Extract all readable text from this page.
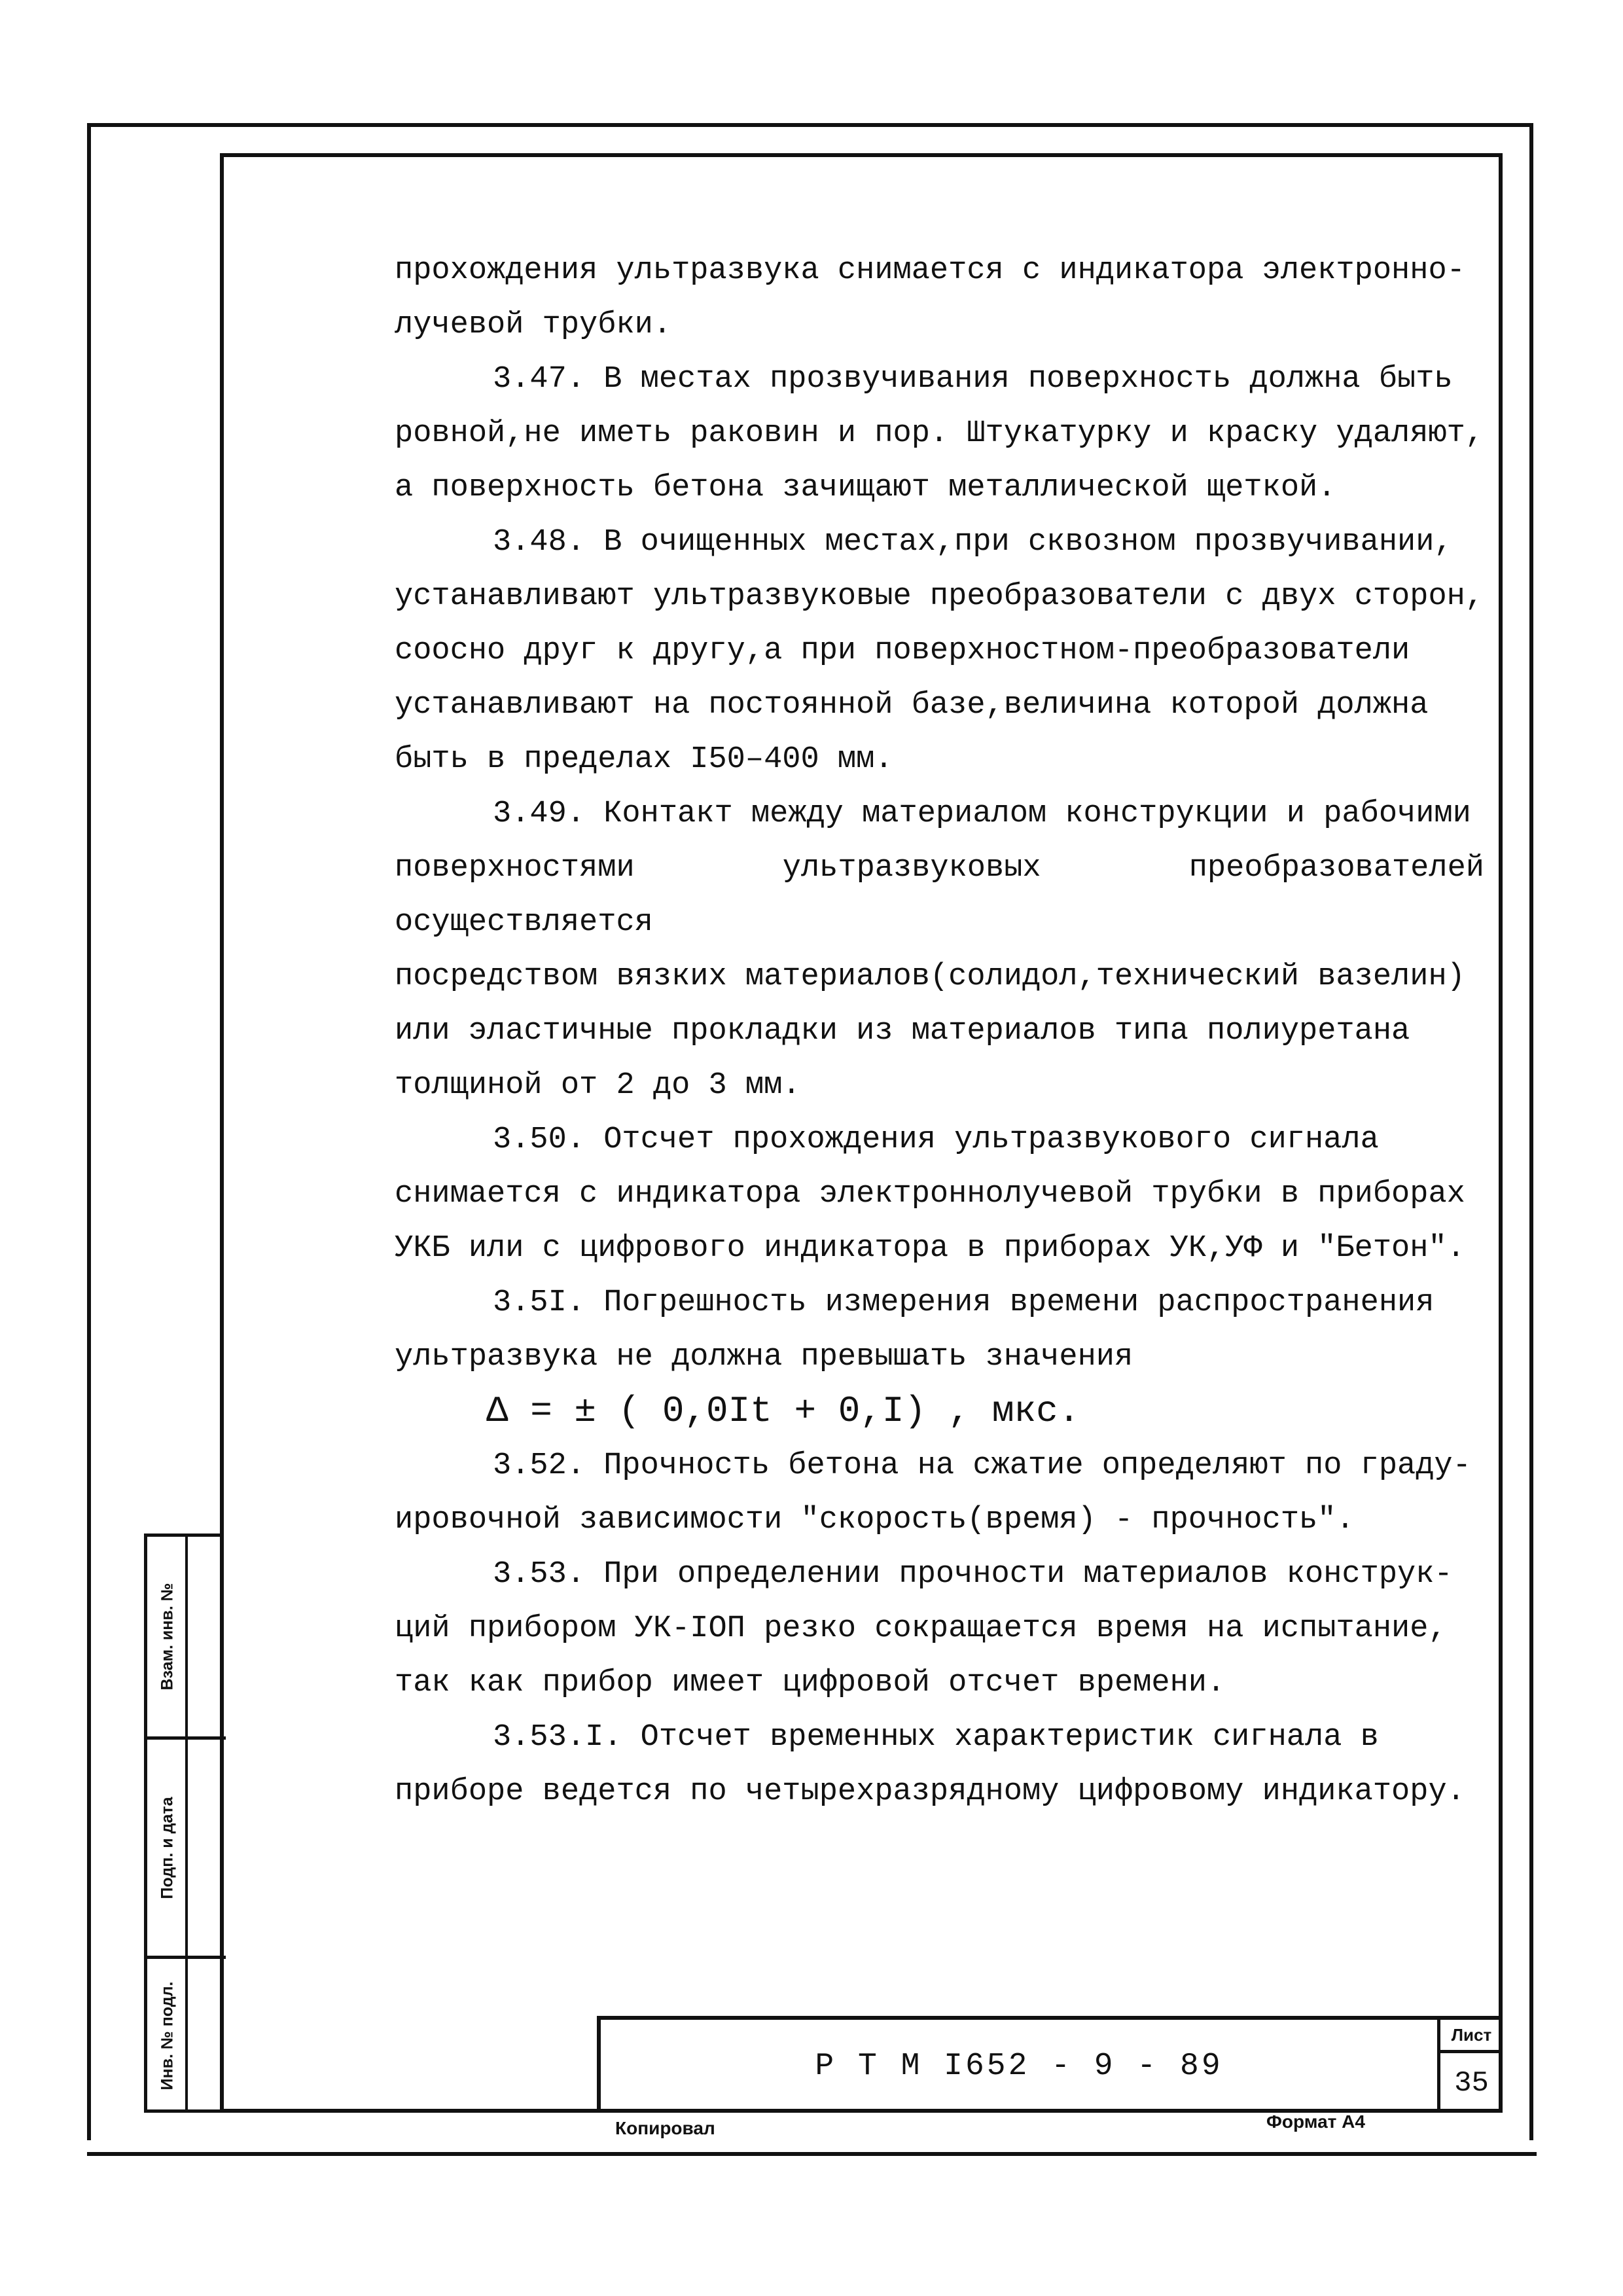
прохождения ультразвука снимается с индикатора электронно-

лучевой трубки.

3.47. В местах прозвучивания поверхность должна быть

ровной,не иметь раковин и пор. Штукатурку и краску удаляют,

а поверхность бетона зачищают металлической щеткой.

3.48. В очищенных местах,при сквозном прозвучивании,

устанавливают ультразвуковые преобразователи с двух сторон,

соосно друг к другу,а при поверхностном-преобразователи

устанавливают на постоянной базе,величина которой должна

быть в пределах I50–400 мм.

3.49. Контакт между материалом конструкции и рабочими

поверхностями ультразвуковых преобразователей осуществляется

посредством вязких материалов(солидол,технический вазелин)

или эластичные прокладки из материалов типа полиуретана

толщиной от 2 до 3 мм.

3.50. Отсчет прохождения ультразвукового сигнала

снимается с индикатора электроннолучевой трубки в приборах

УКБ или с цифрового индикатора в приборах УК,УФ и "Бетон".

3.5I. Погрешность измерения времени распространения

ультразвука не должна превышать значения

Δ = ± ( 0,0It + 0,I) , мкс.

3.52. Прочность бетона на сжатие определяют по граду-

ировочной зависимости "скорость(время) - прочность".

3.53. При определении прочности материалов конструк-

ций прибором УК-IОП резко сокращается время на испытание,

так как прибор имеет цифровой отсчет времени.

3.53.I. Отсчет временных характеристик сигнала в

приборе ведется по четырехразрядному цифровому индикатору.

Взам. инв. №
Подп. и дата
Инв. № подл.	Р Т М I652 - 9 - 89
Лист
35
Копировал	Формат А4
